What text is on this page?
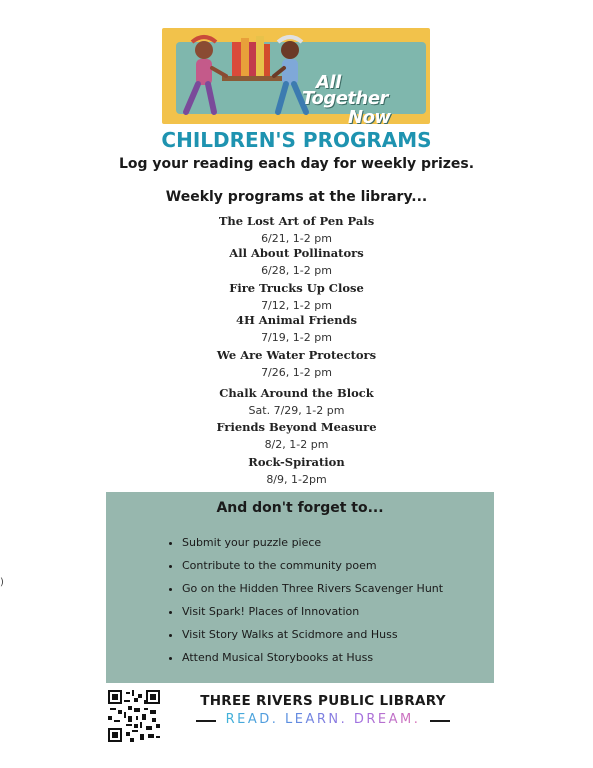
All
Together
Now
CHILDREN'S PROGRAMS
Log your reading each day for weekly prizes.
Weekly programs at the library...
The Lost Art of Pen Pals
6/21, 1-2 pm
All About Pollinators
6/28, 1-2 pm
Fire Trucks Up Close
7/12, 1-2 pm
4H Animal Friends
7/19, 1-2 pm
We Are Water Protectors
7/26, 1-2 pm
Chalk Around the Block
Sat. 7/29, 1-2 pm
Friends Beyond Measure
8/2, 1-2 pm
Rock-Spiration
8/9, 1-2pm
And don't forget to...
• Submit your puzzle piece
• Contribute to the community poem
• Go on the Hidden Three Rivers Scavenger Hunt
• Visit Spark! Places of Innovation
• Visit Story Walks at Scidmore and Huss
• Attend Musical Storybooks at Huss
)
THREE RIVERS PUBLIC LIBRARY
READ. LEARN. DREAM.
